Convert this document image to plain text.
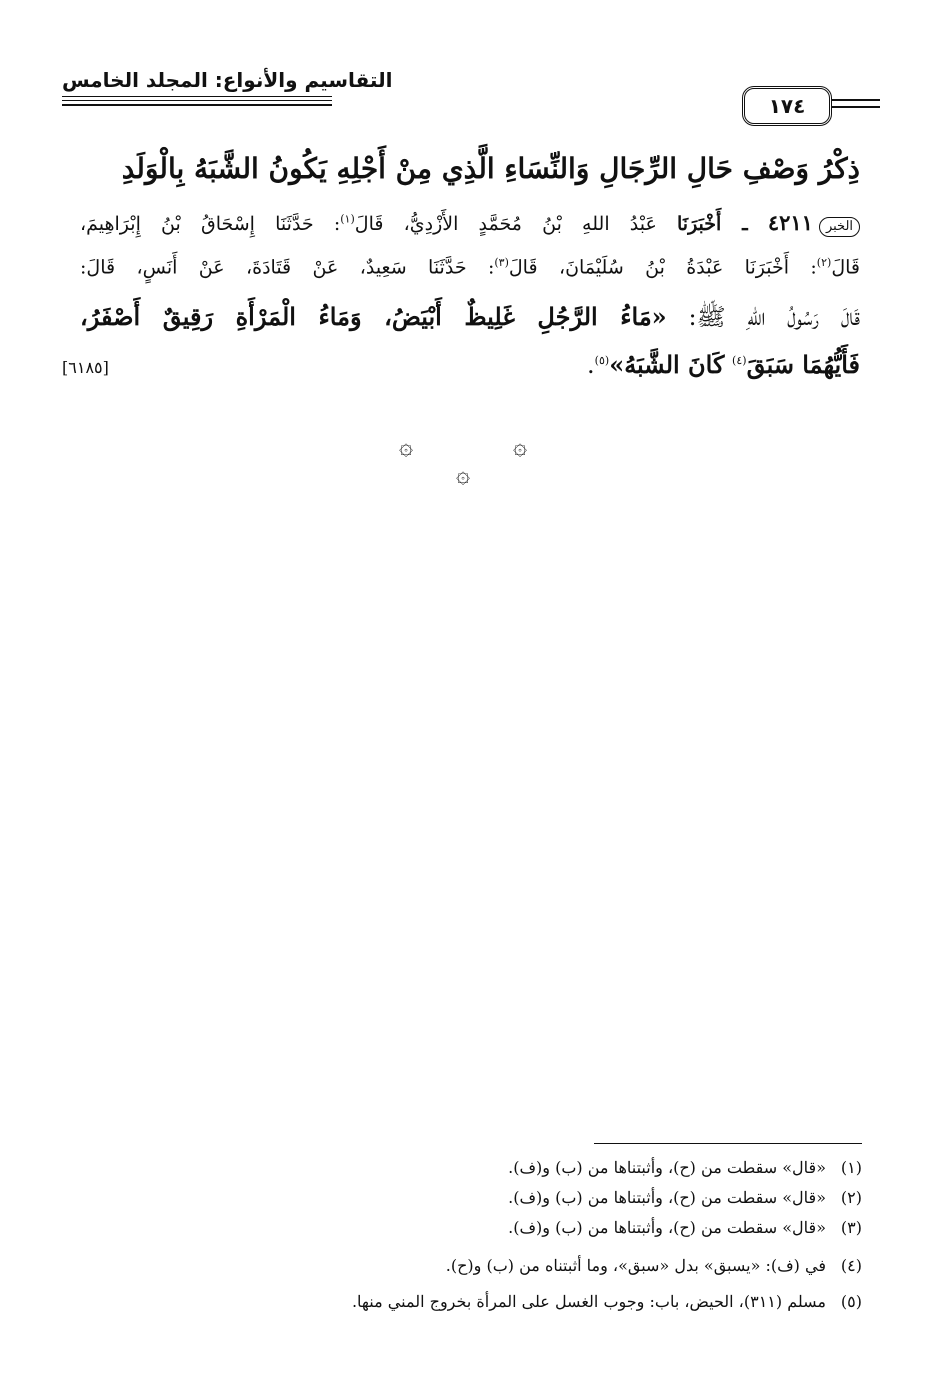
التقاسيم والأنواع: المجلد الخامس
١٧٤
ذِكْرُ وَصْفِ حَالِ الرِّجَالِ وَالنِّسَاءِ الَّذِي مِنْ أَجْلِهِ يَكُونُ الشَّبَهُ بِالْوَلَدِ
الخبر٤٢١١ ـ أَخْبَرَنَا عَبْدُ اللهِ بْنُ مُحَمَّدٍ الأَزْدِيُّ، قَالَ$^{(١)}$: حَدَّثَنَا إِسْحَاقُ بْنُ إِبْرَاهِيمَ،
قَالَ$^{(٢)}$: أَخْبَرَنَا عَبْدَةُ بْنُ سُلَيْمَانَ، قَالَ$^{(٣)}$: حَدَّثَنَا سَعِيدٌ، عَنْ قَتَادَةَ، عَنْ أَنَسٍ، قَالَ:
قَالَ رَسُولُ اللهِ ﷺ: «مَاءُ الرَّجُلِ غَلِيظٌ أَبْيَضُ، وَمَاءُ الْمَرْأَةِ رَقِيقٌ أَصْفَرُ،
فَأَيُّهُمَا سَبَقَ$^{(٤)}$ كَانَ الشَّبَهُ»$^{(٥)}$.
[٦١٨٥]
۞	۞
۞
(١)«قال» سقطت من (ح)، وأثبتناها من (ب) و(ف).
(٢)«قال» سقطت من (ح)، وأثبتناها من (ب) و(ف).
(٣)«قال» سقطت من (ح)، وأثبتناها من (ب) و(ف).
(٤)في (ف): «يسبق» بدل «سبق»، وما أثبتناه من (ب) و(ح).
(٥)مسلم (٣١١)، الحيض، باب: وجوب الغسل على المرأة بخروج المني منها.
